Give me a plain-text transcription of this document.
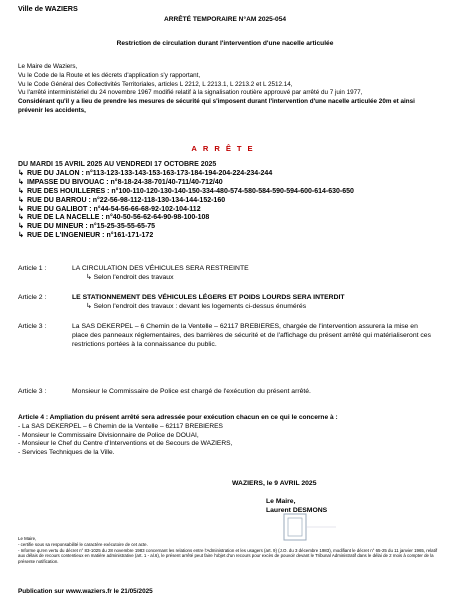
Ville de WAZIERS
ARRÊTÉ TEMPORAIRE N°AM 2025-054
Restriction de circulation durant l'intervention d'une nacelle articulée

Le Maire de Waziers,

Vu le Code de la Route et les décrets d'application s'y rapportant,

Vu le Code Général des Collectivités Territoriales, articles L 2212, L 2213.1, L 2213.2 et L 2512.14,

Vu l'arrêté interministériel du 24 novembre 1967 modifié relatif à la signalisation routière approuvé par arrêté du 7 juin 1977,

Considérant qu'il y a lieu de prendre les mesures de sécurité qui s'imposent durant l'intervention d'une nacelle articulée 20m et ainsi prévenir les accidents,

ARRÊTE
DU MARDI 15 AVRIL 2025 AU VENDREDI 17 OCTOBRE 2025
↳ RUE DU JALON : n°113-123-133-143-153-163-173-184-194-204-224-234-244
↳ IMPASSE DU BIVOUAC : n°8-18-24-38-701/40-711/40-712/40
↳ RUE DES HOUILLERES : n°100-110-120-130-140-150-334-480-574-580-584-590-594-600-614-630-650
↳ RUE DU BARROU : n°22-56-98-112-118-130-134-144-152-160
↳ RUE DU GALIBOT : n°44-54-56-66-68-92-102-104-112
↳ RUE DE LA NACELLE : n°40-50-56-62-64-90-98-100-108
↳ RUE DU MINEUR : n°15-25-35-55-65-75
↳ RUE DE L'INGENIEUR : n°161-171-172
Article 1 :	LA CIRCULATION DES VÉHICULES SERA RESTREINTE
↳ Selon l'endroit des travaux
Article 2 :	LE STATIONNEMENT DES VÉHICULES LÉGERS ET POIDS LOURDS SERA INTERDIT
↳ Selon l'endroit des travaux : devant les logements ci-dessus énumérés
Article 3 :	La SAS DEKERPEL – 6 Chemin de la Ventelle – 62117 BREBIERES, chargée de l'intervention assurera la mise en place des panneaux réglementaires, des barrières de sécurité et de l'affichage du présent arrêté qui matérialiseront ces restrictions portées à la connaissance du public.
Article 3 :	Monsieur le Commissaire de Police est chargé de l'exécution du présent arrêté.
Article 4 : Ampliation du présent arrêté sera adressée pour exécution chacun en ce qui le concerne à :
- La SAS DEKERPEL – 6 Chemin de la Ventelle – 62117 BREBIERES
- Monsieur le Commissaire Divisionnaire de Police de DOUAI,
- Monsieur le Chef du Centre d'Interventions et de Secours de WAZIERS,
- Services Techniques de la Ville.
WAZIERS, le 9 AVRIL 2025
Le Maire,
Laurent DESMONS
Le Maire,
- certifie sous sa responsabilité le caractère exécutoire de cet acte.
- Informe qu'en vertu du décret n° 83-1025 du 28 novembre 1983 concernant les relations entre l'Administration et les usagers (art. 9) (J.O. du 3 décembre 1983), modifiant le décret n° 65-25 du 11 janvier 1965, relatif aux délais de recours contentieux en matière administrative (art. 1 - al.6), le présent arrêté peut faire l'objet d'un recours pour excès de pouvoir devant le Tribunal Administratif dans le délai de 2 mois à compter de la présente notification.
Publication sur www.waziers.fr le 21/05/2025
